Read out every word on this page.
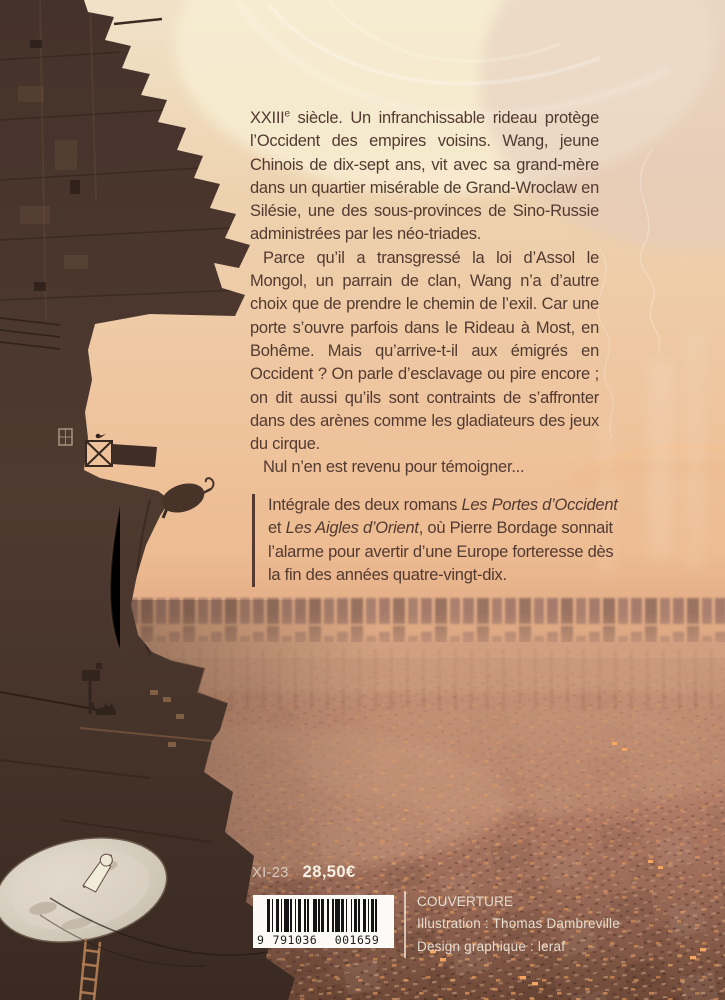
XXIIIe siècle. Un infranchissable rideau protège l’Occident des empires voisins. Wang, jeune Chinois de dix-sept ans, vit avec sa grand-mère dans un quartier misérable de Grand-Wroclaw en Silésie, une des sous-provinces de Sino-Russie administrées par les néo-triades.

Parce qu’il a transgressé la loi d’Assol le Mongol, un parrain de clan, Wang n’a d’autre choix que de prendre le chemin de l’exil. Car une porte s’ouvre parfois dans le Rideau à Most, en Bohême. Mais qu’arrive-t-il aux émigrés en Occident ? On parle d’esclavage ou pire encore ; on dit aussi qu’ils sont contraints de s’affronter dans des arènes comme les gladiateurs des jeux du cirque.

Nul n’en est revenu pour témoigner...

Intégrale des deux romans Les Portes d’Occident et Les Aigles d’Orient, où Pierre Bordage sonnait l’alarme pour avertir d’une Europe forteresse dès la fin des années quatre-vingt-dix.
XI-23 28,50€
9 791036	001659
COUVERTURE
Illustration : Thomas Dambreville
Design graphique : leraf
